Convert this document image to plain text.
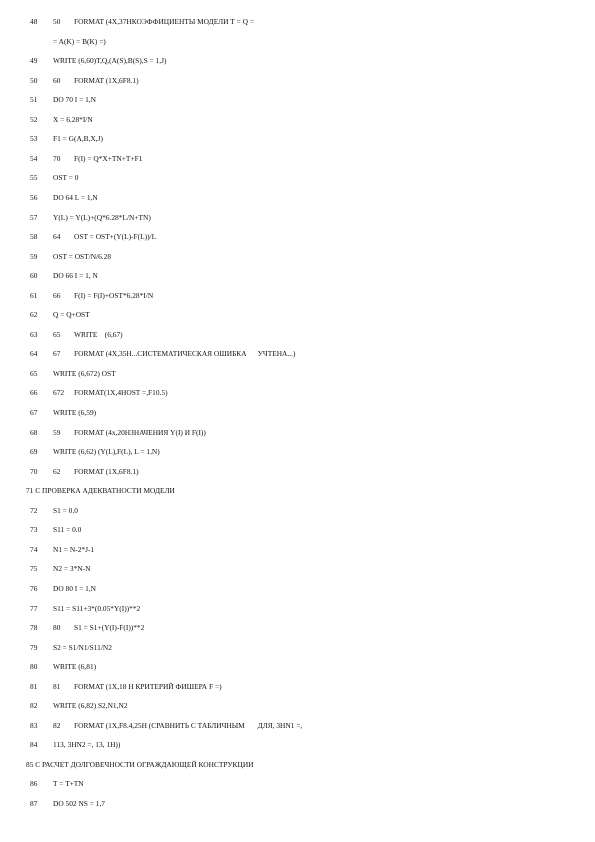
48 50 FORMAT (4X,37HКОЭФФИЦИЕНТЫ МОДЕЛИ Т = Q =
= A(K) = B(K) =)
49 WRITE (6,60)T,Q,(A(S),B(S),S = 1,J)
50 60 FORMAT (1X,6F8.1)
51 DO 70 I = 1,N
52 X = 6.28*I/N
53 F1 = G(A,B,X,J)
54 70 F(I) = Q*X+TN+T+F1
55 OST = 0
56 DO 64 L = 1,N
57 Y(L) = Y(L)+(Q*6.28*L/N+TN)
58 64 OST = OST+(Y(L)-F(L))/L
59 OST = OST/N/6.28
60 DO 66 I = 1, N
61 66 F(I) = F(I)+OST*6.28*I/N
62 Q = Q+OST
63 65 WRITE    (6,67)
64 67 FORMAT (4X,35H...СИСТЕМАТИЧЕСКАЯ ОШИБКА      УЧТЕНА...)
65 WRITE (6,672) OST
66 672 FORMAT(1X,4HOST =,F10.5)
67 WRITE (6,59)
68 59 FORMAT (4x,20НЗНАЧЕНИЯ Y(I) И F(I))
69 WRITE (6,62) (Y(L),F(L), L = 1,N)
70 62 FORMAT (1X,6F8.1)
71 C ПРОВЕРКА АДЕКВАТНОСТИ МОДЕЛИ
72 S1 = 0.0
73 S11 = 0.0
74 N1 = N-2*J-1
75 N2 = 3*N-N
76 DO 80 I = 1,N
77 S11 = S11+3*(0.05*Y(I))**2
78 80 S1 = S1+(Y(I)-F(I))**2
79 S2 = S1/N1/S11/N2
80 WRITE (6,81)
81 81 FORMAT (1X,18 Н КРИТЕРИЙ ФИШЕРА F =)
82 WRITE (6,82) S2,N1,N2
83 82 FORMAT (1X,F8.4,25H (СРАВНИТЬ С ТАБЛИЧНЫМ       ДЛЯ, 3HN1 =,
84 113, 3HN2 =, 13, 1H))
85 C РАСЧЕТ ДОЛГОВЕЧНОСТИ ОГРАЖДАЮЩЕЙ КОНСТРУКЦИИ
86 T = T+TN
87 DO 502 NS = 1,7
